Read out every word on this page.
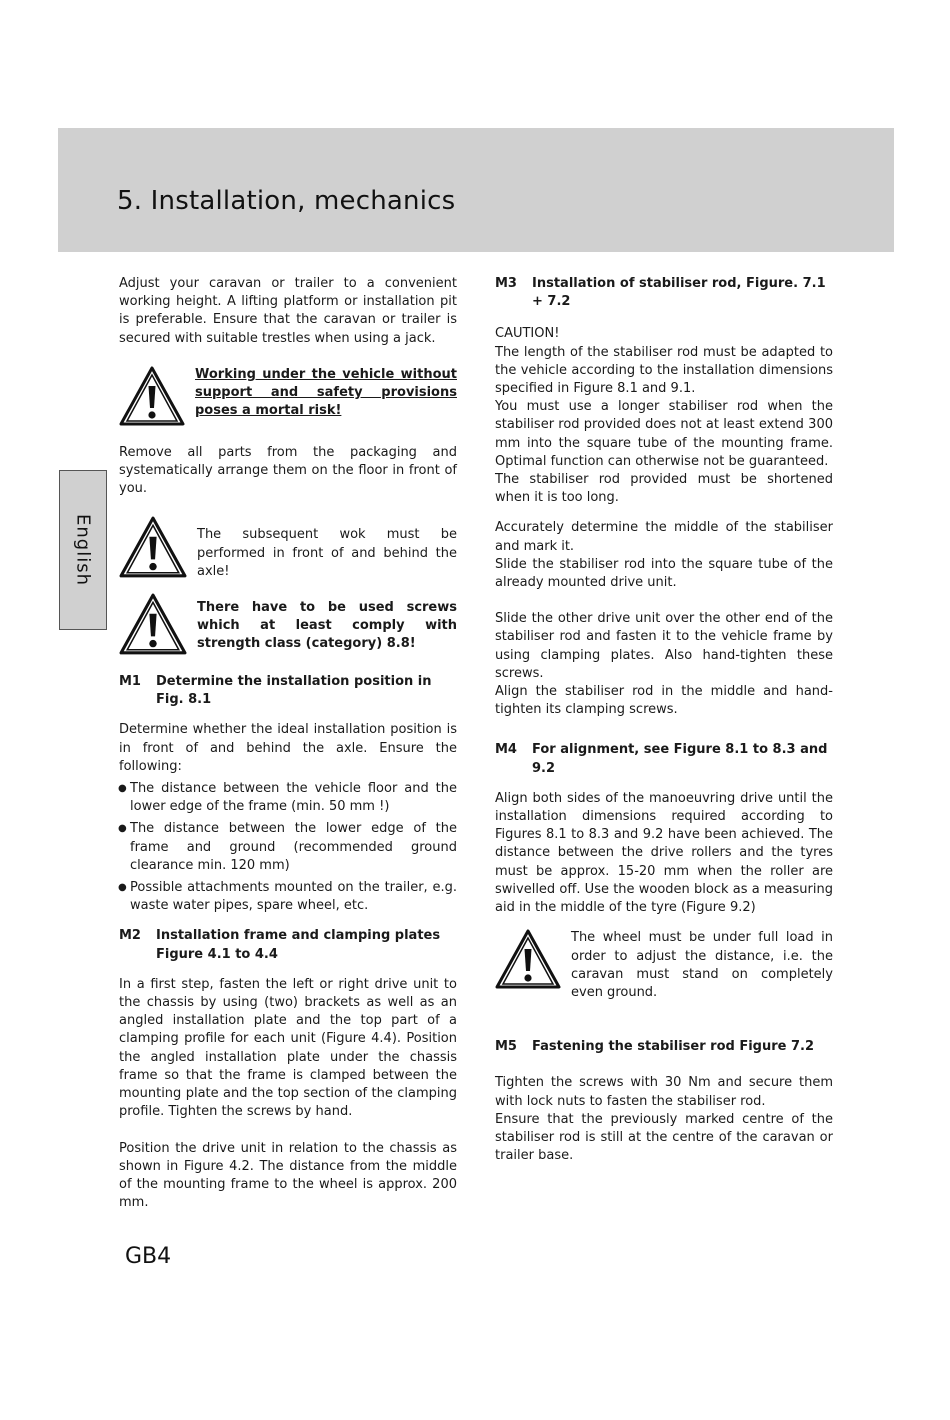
5. Installation, mechanics
English

Adjust your caravan or trailer to a convenient working height. A lifting platform or installation pit is preferable. Ensure that the caravan or trailer is secured with suitable trestles when using a jack.

Working under the vehicle without support and safety provisions poses a mortal risk!

Remove all parts from the packaging and systematically arrange them on the floor in front of you.

The subsequent wok must be performed in front of and behind the axle!

There have to be used screws which at least comply with strength class (category) 8.8!

M1	Determine the installation position in Fig. 8.1

Determine whether the ideal installation position is in front of and behind the axle. Ensure the following:

● The distance between the vehicle floor and the lower edge of the frame (min. 50 mm !)
● The distance between the lower edge of the frame and ground (recommended ground clearance min. 120 mm)
● Possible attachments mounted on the trailer, e.g. waste water pipes, spare wheel, etc.
M2	Installation frame and clamping plates
Figure 4.1 to 4.4

In a first step, fasten the left or right drive unit to the chassis by using (two) brackets as well as an angled installation plate and the top part of a clamping profile for each unit (Figure 4.4). Position the angled installation plate under the chassis frame so that the frame is clamped between the mounting plate and the top section of the clamping profile. Tighten the screws by hand.

Position the drive unit in relation to the chassis as shown in Figure 4.2. The distance from the middle of the mounting frame to the wheel is approx. 200 mm.

M3	Installation of stabiliser rod, Figure. 7.1 + 7.2

CAUTION!

The length of the stabiliser rod must be adapted to the vehicle according to the installation dimensions specified in Figure 8.1 and 9.1.

You must use a longer stabiliser rod when the stabiliser rod provided does not at least extend 300 mm into the square tube of the mounting frame. Optimal function can otherwise not be guaranteed.

The stabiliser rod provided must be shortened when it is too long.

Accurately determine the middle of the stabiliser and mark it.

Slide the stabiliser rod into the square tube of the already mounted drive unit.

Slide the other drive unit over the other end of the stabiliser rod and fasten it to the vehicle frame by using clamping plates. Also hand-tighten these screws.

Align the stabiliser rod in the middle and hand-tighten its clamping screws.

M4	For alignment, see Figure 8.1 to 8.3 and 9.2

Align both sides of the manoeuvring drive until the installation dimensions required according to Figures 8.1 to 8.3 and 9.2 have been achieved. The distance between the drive rollers and the tyres must be approx. 15-20 mm when the roller are swivelled off. Use the wooden block as a measuring aid in the middle of the tyre (Figure 9.2)

The wheel must be under full load in order to adjust the distance, i.e. the caravan must stand on completely even ground.

M5	Fastening the stabiliser rod Figure 7.2

Tighten the screws with 30 Nm and secure them with lock nuts to fasten the stabiliser rod.

Ensure that the previously marked centre of the stabiliser rod is still at the centre of the caravan or trailer base.

GB4
